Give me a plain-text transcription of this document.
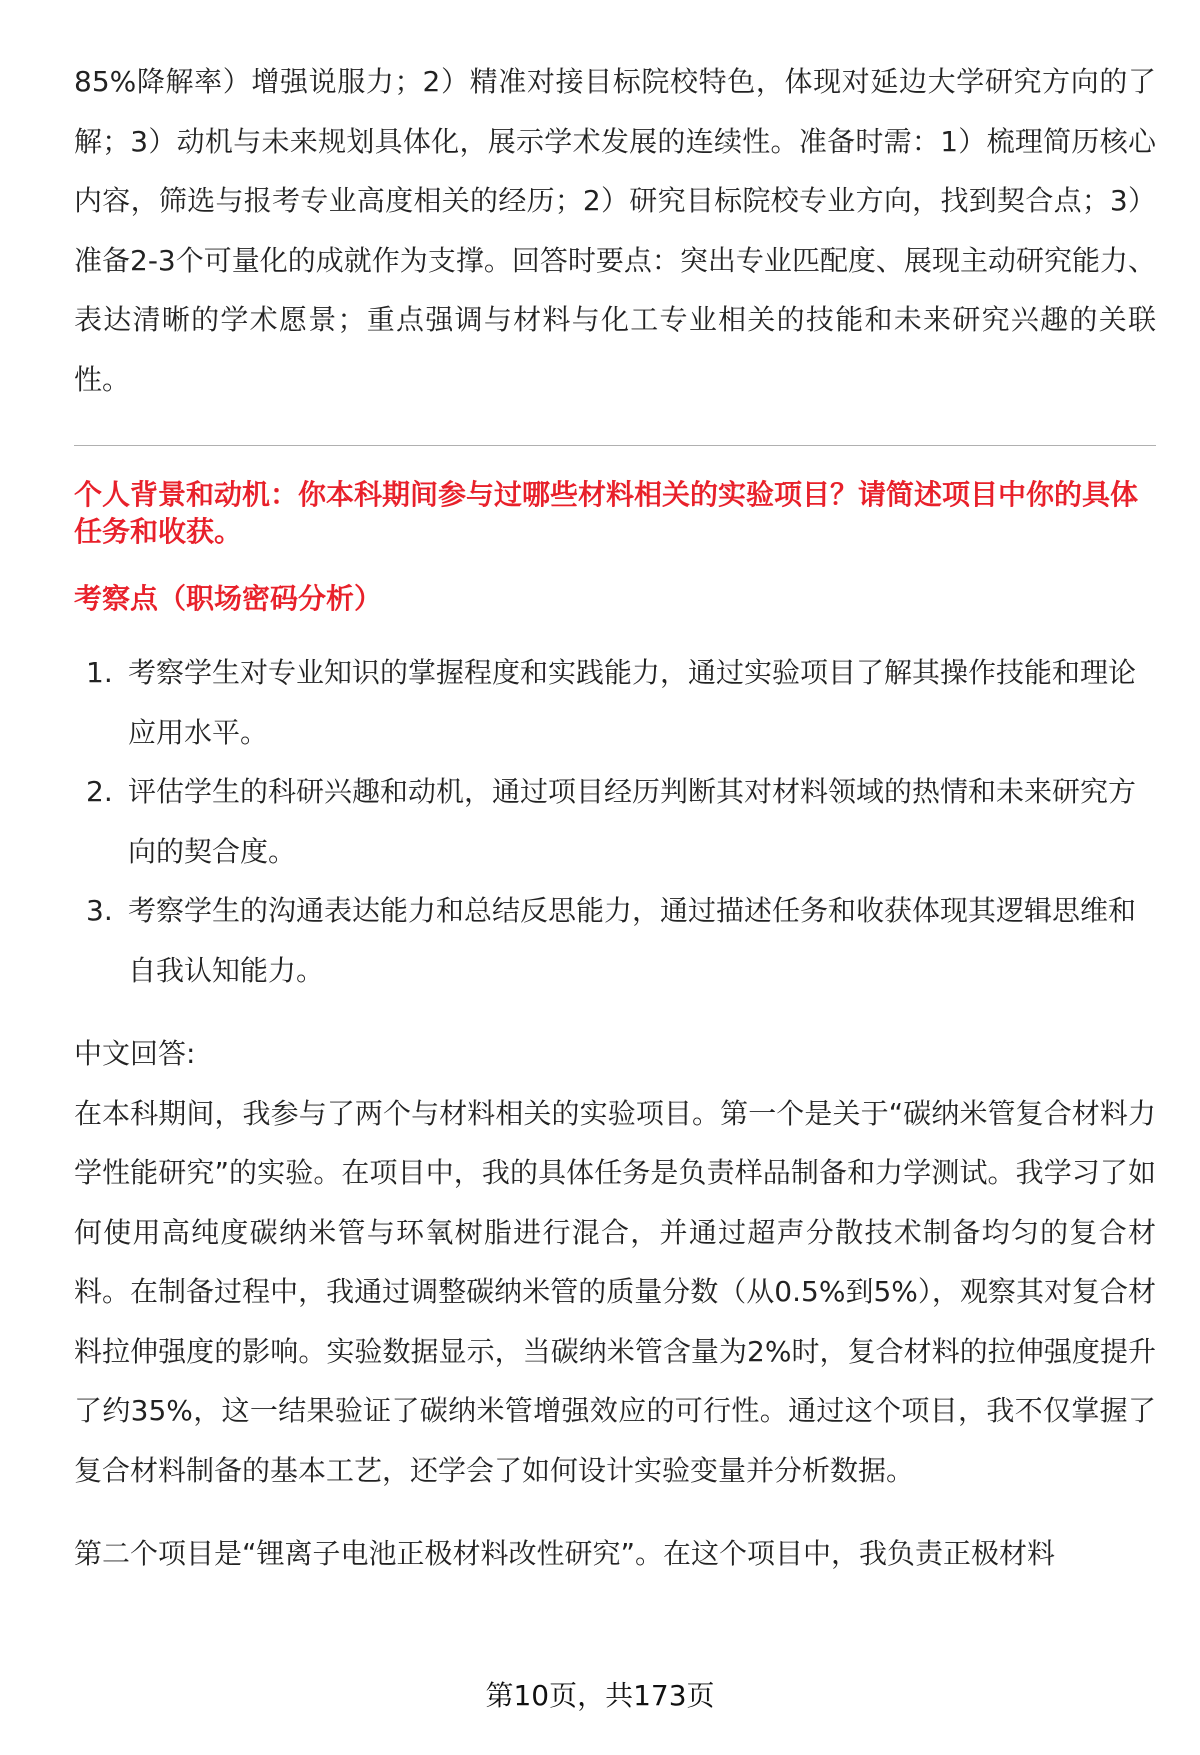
85%降解率）增强说服力；2）精准对接目标院校特色，体现对延边大学研究方向的了解；3）动机与未来规划具体化，展示学术发展的连续性。准备时需：1）梳理简历核心内容，筛选与报考专业高度相关的经历；2）研究目标院校专业方向，找到契合点；3）准备2-3个可量化的成就作为支撑。回答时要点：突出专业匹配度、展现主动研究能力、表达清晰的学术愿景；重点强调与材料与化工专业相关的技能和未来研究兴趣的关联性。

个人背景和动机：你本科期间参与过哪些材料相关的实验项目？请简述项目中你的具体任务和收获。

考察点（职场密码分析）

1. 考察学生对专业知识的掌握程度和实践能力，通过实验项目了解其操作技能和理论应用水平。
2. 评估学生的科研兴趣和动机，通过项目经历判断其对材料领域的热情和未来研究方向的契合度。
3. 考察学生的沟通表达能力和总结反思能力，通过描述任务和收获体现其逻辑思维和自我认知能力。

中文回答:

在本科期间，我参与了两个与材料相关的实验项目。第一个是关于“碳纳米管复合材料力学性能研究”的实验。在项目中，我的具体任务是负责样品制备和力学测试。我学习了如何使用高纯度碳纳米管与环氧树脂进行混合，并通过超声分散技术制备均匀的复合材料。在制备过程中，我通过调整碳纳米管的质量分数（从0.5%到5%），观察其对复合材料拉伸强度的影响。实验数据显示，当碳纳米管含量为2%时，复合材料的拉伸强度提升了约35%，这一结果验证了碳纳米管增强效应的可行性。通过这个项目，我不仅掌握了复合材料制备的基本工艺，还学会了如何设计实验变量并分析数据。

第二个项目是“锂离子电池正极材料改性研究”。在这个项目中，我负责正极材料

第10页，共173页
